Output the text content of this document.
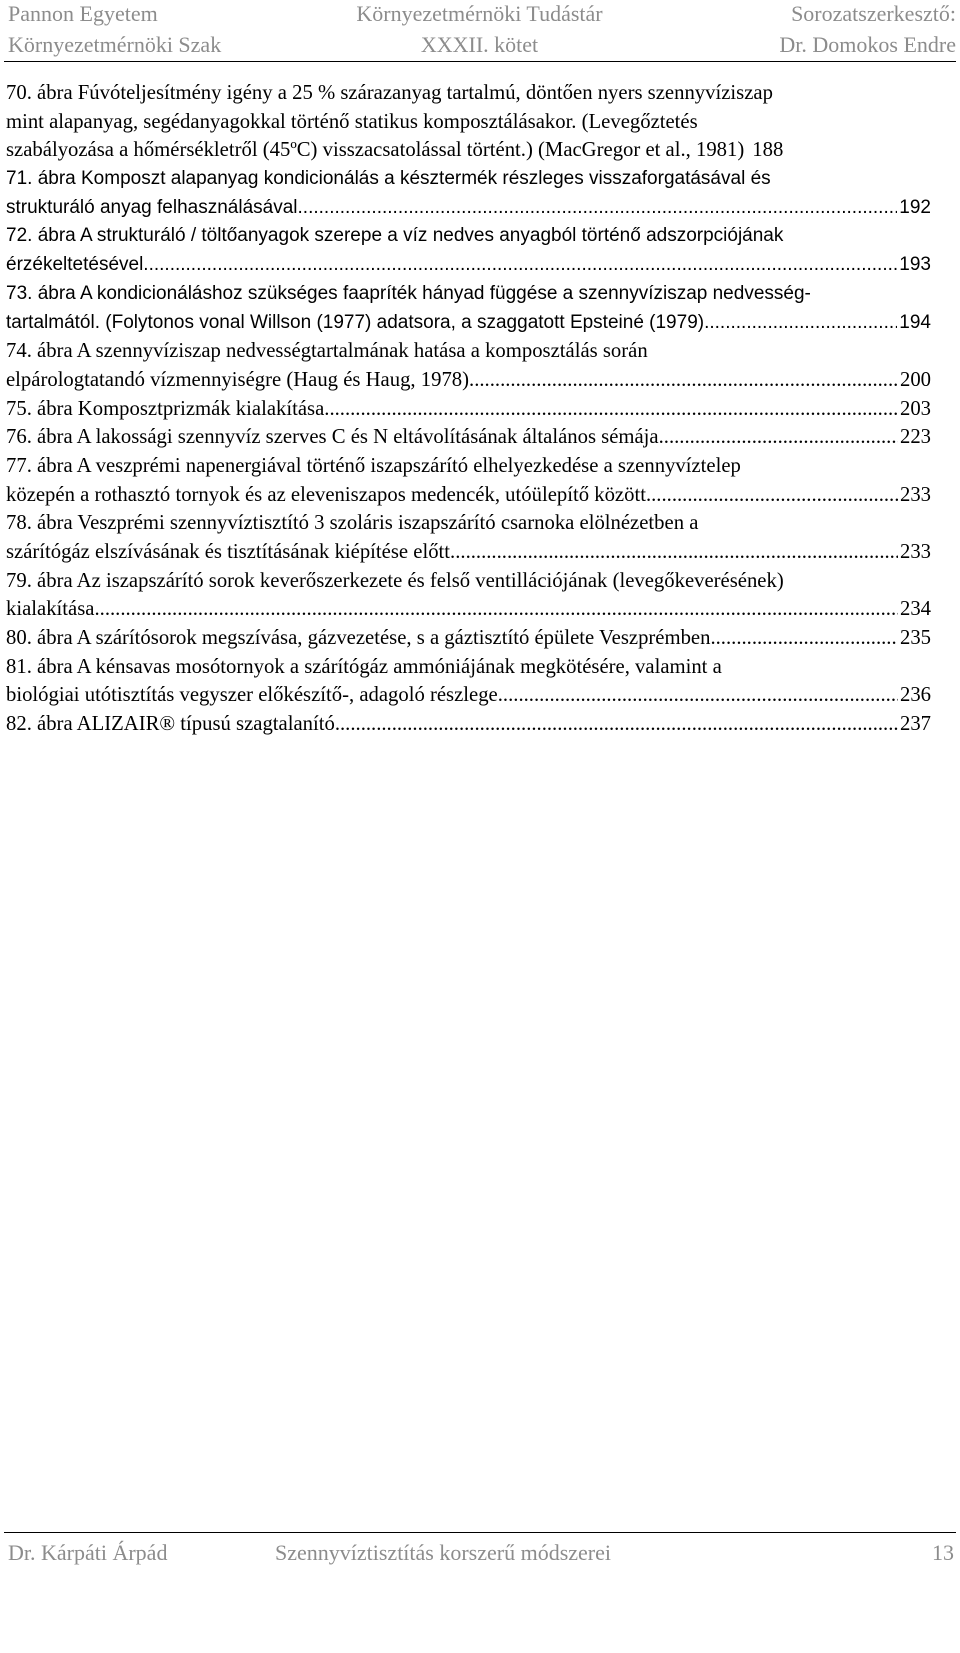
Pannon Egyetem
Környezetmérnöki Szak
Környezetmérnöki Tudástár
XXXII. kötet
Sorozatszerkesztő:
Dr. Domokos Endre
70. ábra Fúvóteljesítmény igény a 25 % szárazanyag tartalmú, döntően nyers szennyvíziszap
mint alapanyag, segédanyagokkal történő statikus komposztálásakor. (Levegőztetés
szabályozása a hőmérsékletről (45ºC) visszacsatolással történt.) (MacGregor et al., 1981) 188
71. ábra Komposzt alapanyag kondicionálás a késztermék részleges visszaforgatásával és
strukturáló anyag felhasználásával .....	192
72. ábra A strukturáló / töltőanyagok szerepe a víz nedves anyagból történő adszorpciójának
érzékeltetésével .....	193
73. ábra A kondicionáláshoz szükséges faapríték hányad függése a szennyvíziszap nedvesség-
tartalmától. (Folytonos vonal Willson (1977) adatsora, a szaggatott Epsteiné (1979) .....	194
74. ábra A szennyvíziszap nedvességtartalmának hatása a komposztálás során
elpárologtatandó vízmennyiségre (Haug és Haug, 1978) .....	200
75. ábra Komposztprizmák kialakítása .....	203
76. ábra A lakossági szennyvíz szerves C és N eltávolításának általános sémája .....	223
77. ábra A veszprémi napenergiával történő iszapszárító elhelyezkedése a szennyvíztelep
közepén a rothasztó tornyok és az eleveniszapos medencék, utóülepítő között .....	233
78. ábra Veszprémi szennyvíztisztító 3 szoláris iszapszárító csarnoka elölnézetben a
szárítógáz elszívásának és tisztításának kiépítése előtt .....	233
79. ábra Az iszapszárító sorok keverőszerkezete és felső ventillációjának (levegőkeverésének)
kialakítása .....	234
80. ábra A szárítósorok megszívása, gázvezetése, s a gáztisztító épülete Veszprémben .....	235
81. ábra A kénsavas mosótornyok a szárítógáz ammóniájának megkötésére, valamint a
biológiai utótisztítás vegyszer előkészítő-, adagoló részlege .....	236
82. ábra ALIZAIR® típusú szagtalanító .....	237
Dr. Kárpáti Árpád	Szennyvíztisztítás korszerű módszerei	13
